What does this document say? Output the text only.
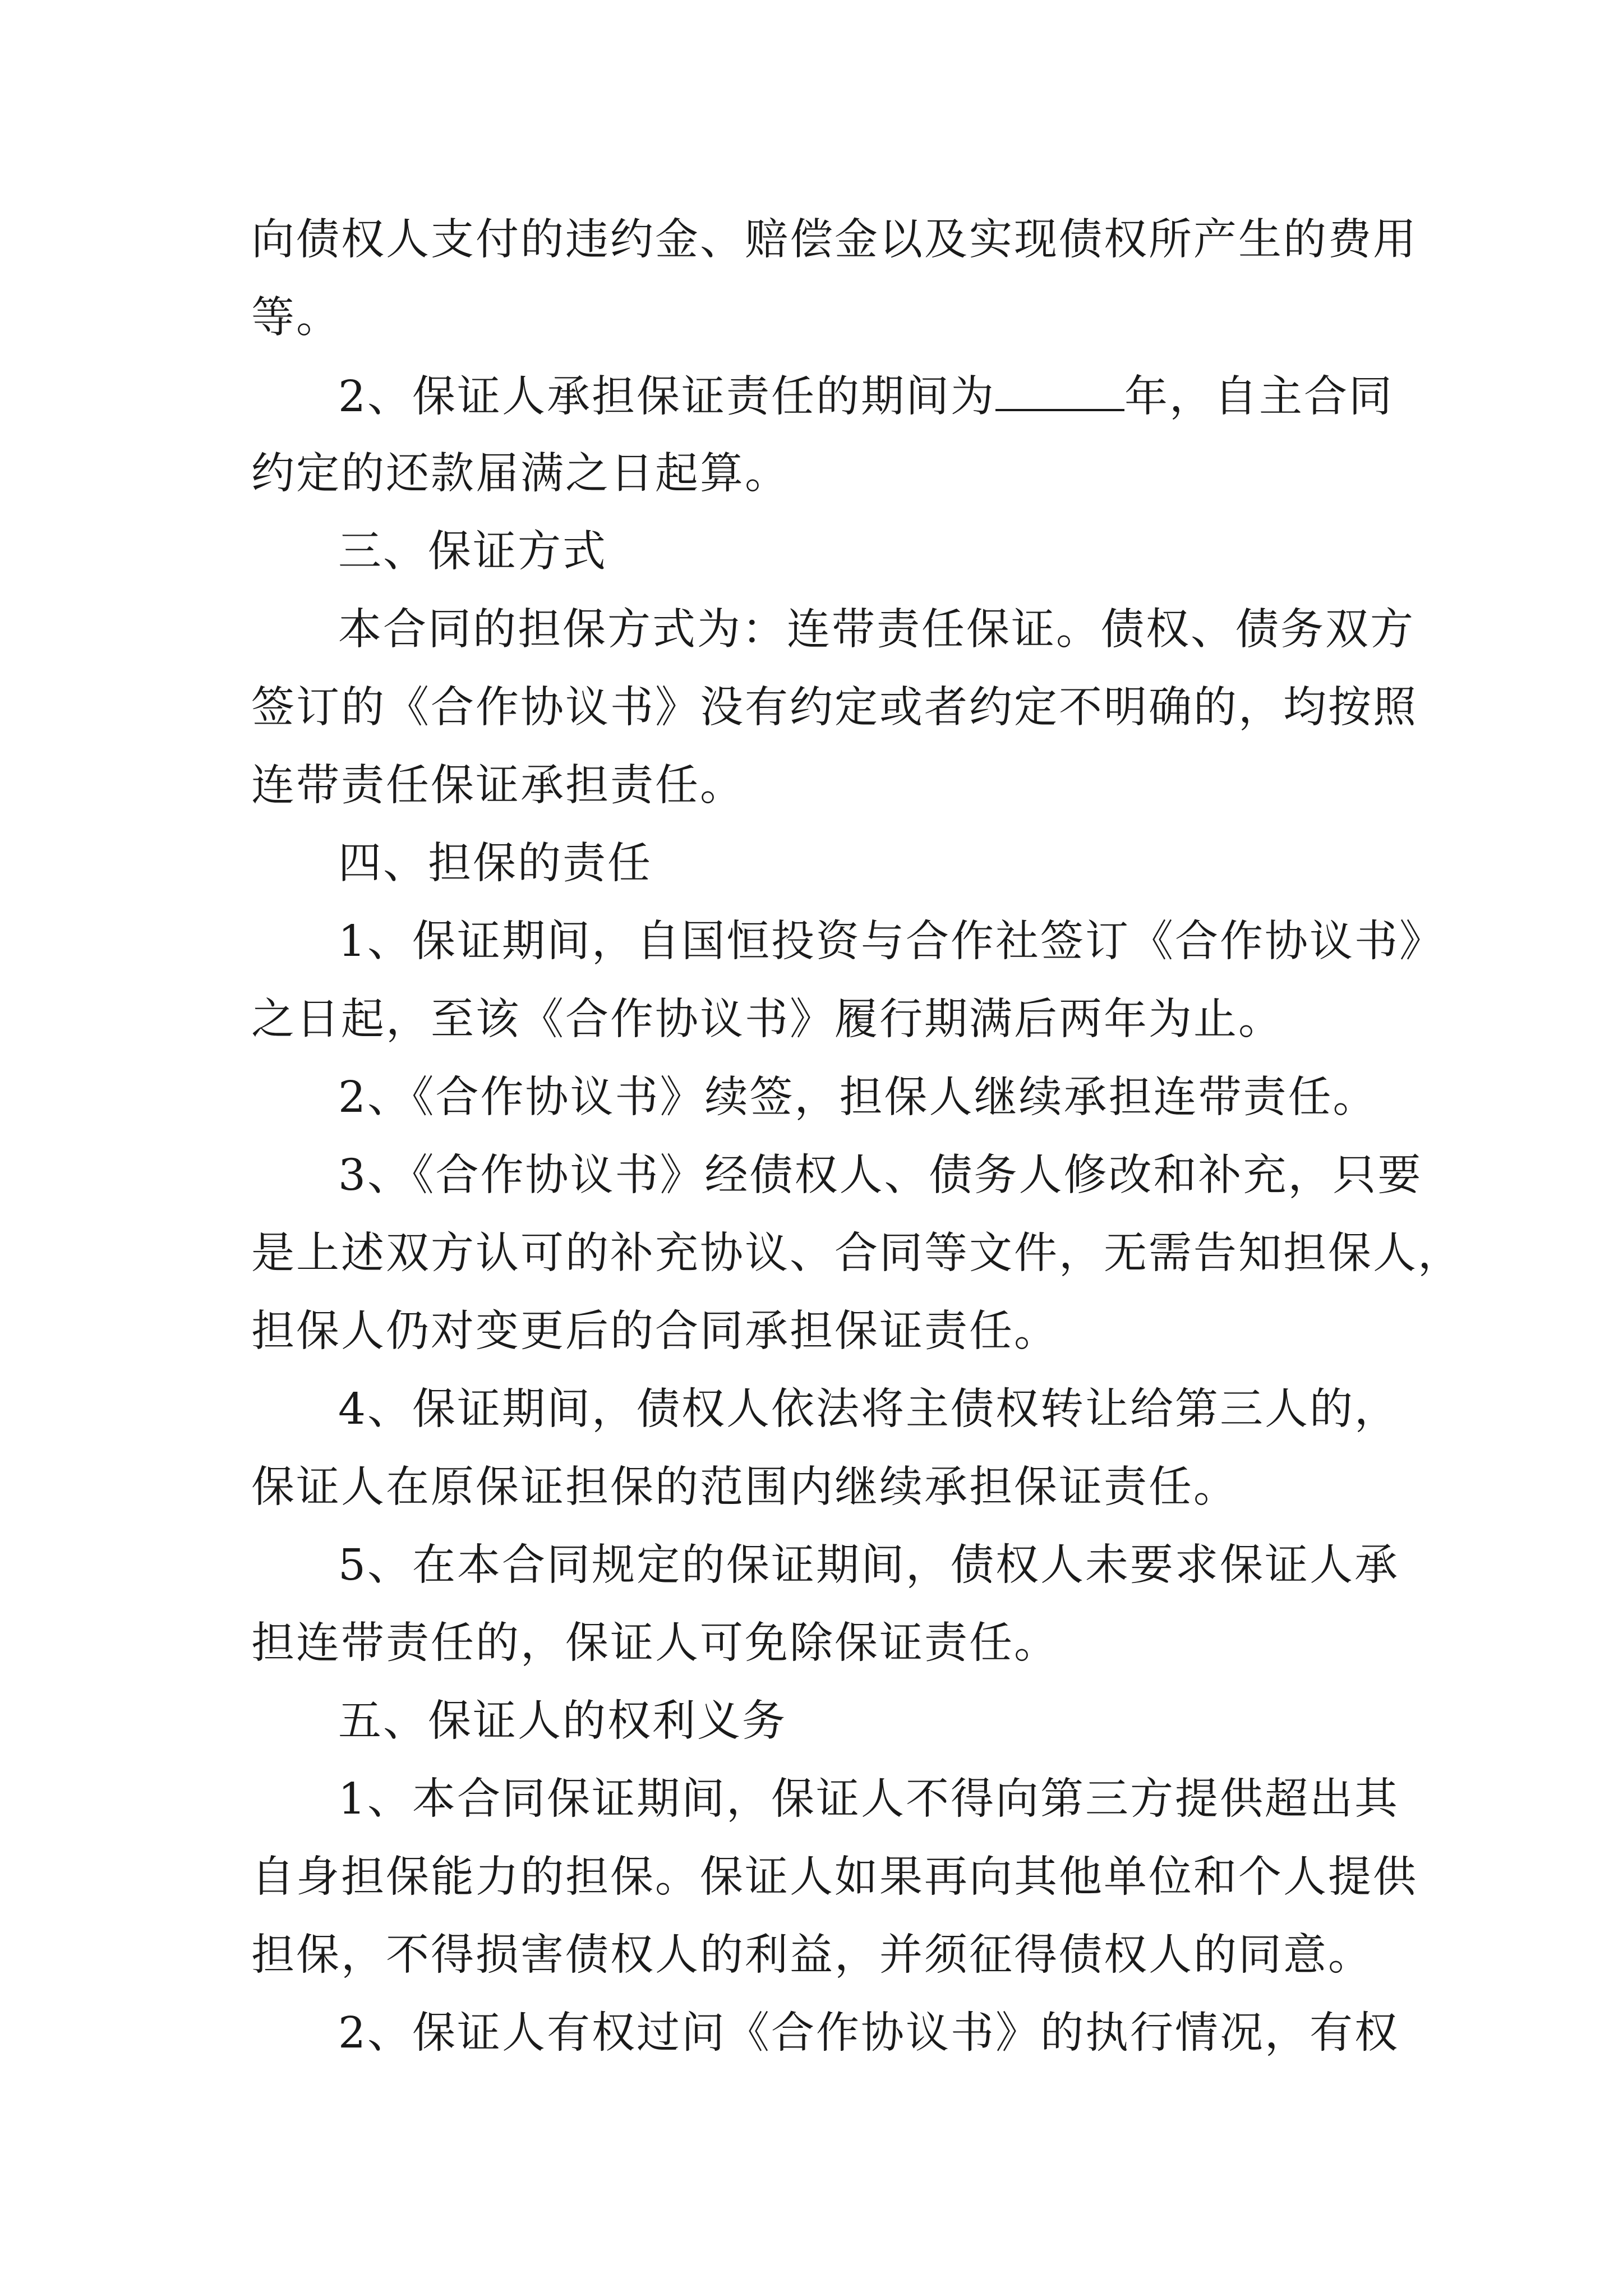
向债权人支付的违约金、赔偿金以及实现债权所产生的费用
等。
2、保证人承担保证责任的期间为	年，自主合同
约定的还款届满之日起算。
三、保证方式
本合同的担保方式为：连带责任保证。债权、债务双方
签订的《合作协议书》没有约定或者约定不明确的，均按照
连带责任保证承担责任。
四、担保的责任
1、保证期间，自国恒投资与合作社签订《合作协议书》
之日起，至该《合作协议书》履行期满后两年为止。
2、《合作协议书》续签，担保人继续承担连带责任。
3、《合作协议书》经债权人、债务人修改和补充，只要
是上述双方认可的补充协议、合同等文件，无需告知担保人，
担保人仍对变更后的合同承担保证责任。
4、保证期间，债权人依法将主债权转让给第三人的，
保证人在原保证担保的范围内继续承担保证责任。
5、在本合同规定的保证期间，债权人未要求保证人承
担连带责任的，保证人可免除保证责任。
五、保证人的权利义务
1、本合同保证期间，保证人不得向第三方提供超出其
自身担保能力的担保。保证人如果再向其他单位和个人提供
担保，不得损害债权人的利益，并须征得债权人的同意。
2、保证人有权过问《合作协议书》的执行情况，有权
